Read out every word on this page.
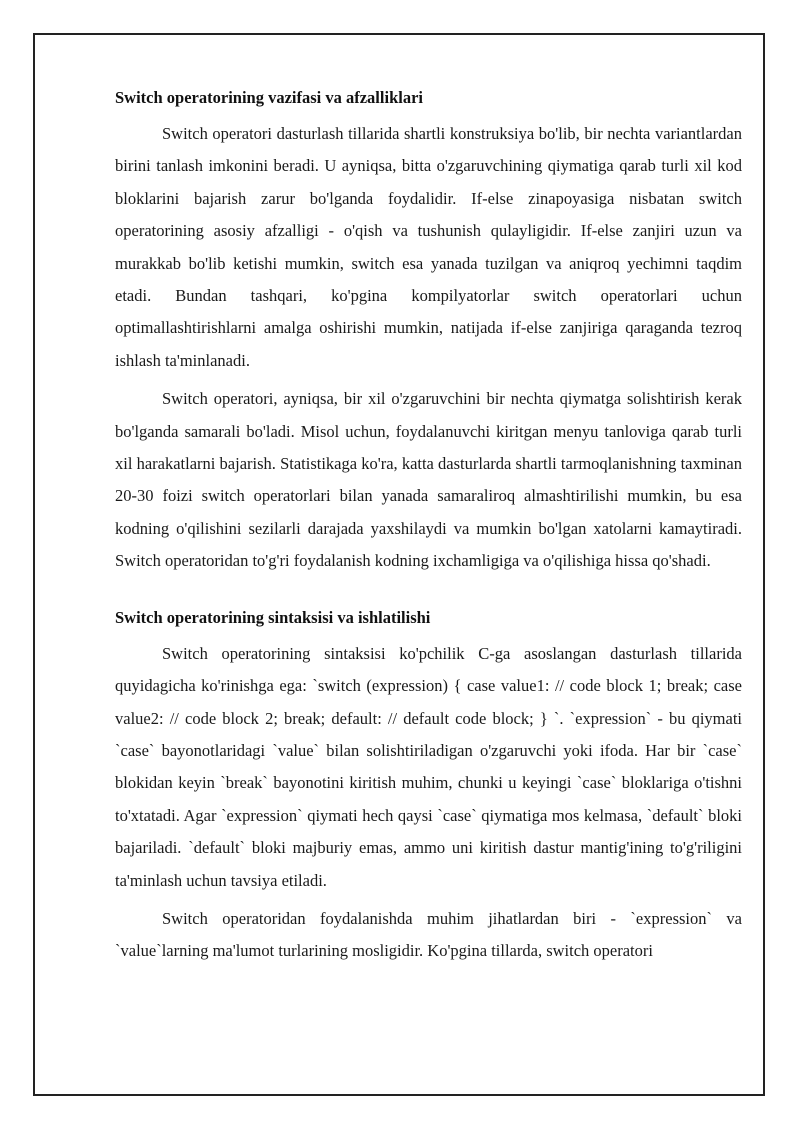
Switch operatorining vazifasi va afzalliklari

Switch operatori dasturlash tillarida shartli konstruksiya bo'lib, bir nechta variantlardan birini tanlash imkonini beradi. U ayniqsa, bitta o'zgaruvchining qiymatiga qarab turli xil kod bloklarini bajarish zarur bo'lganda foydalidir. If-else zinapoyasiga nisbatan switch operatorining asosiy afzalligi - o'qish va tushunish qulayligidir. If-else zanjiri uzun va murakkab bo'lib ketishi mumkin, switch esa yanada tuzilgan va aniqroq yechimni taqdim etadi. Bundan tashqari, ko'pgina kompilyatorlar switch operatorlari uchun optimallashtirishlarni amalga oshirishi mumkin, natijada if-else zanjiriga qaraganda tezroq ishlash ta'minlanadi.

Switch operatori, ayniqsa, bir xil o'zgaruvchini bir nechta qiymatga solishtirish kerak bo'lganda samarali bo'ladi. Misol uchun, foydalanuvchi kiritgan menyu tanloviga qarab turli xil harakatlarni bajarish. Statistikaga ko'ra, katta dasturlarda shartli tarmoqlanishning taxminan 20-30 foizi switch operatorlari bilan yanada samaraliroq almashtirilishi mumkin, bu esa kodning o'qilishini sezilarli darajada yaxshilaydi va mumkin bo'lgan xatolarni kamaytiradi. Switch operatoridan to'g'ri foydalanish kodning ixchamligiga va o'qilishiga hissa qo'shadi.

Switch operatorining sintaksisi va ishlatilishi

Switch operatorining sintaksisi ko'pchilik C-ga asoslangan dasturlash tillarida quyidagicha ko'rinishga ega: `switch (expression) { case value1: // code block 1; break; case value2: // code block 2; break; default: // default code block; } `. `expression` - bu qiymati `case` bayonotlaridagi `value` bilan solishtiriladigan o'zgaruvchi yoki ifoda. Har bir `case` blokidan keyin `break` bayonotini kiritish muhim, chunki u keyingi `case` bloklariga o'tishni to'xtatadi. Agar `expression` qiymati hech qaysi `case` qiymatiga mos kelmasa, `default` bloki bajariladi. `default` bloki majburiy emas, ammo uni kiritish dastur mantig'ining to'g'riligini ta'minlash uchun tavsiya etiladi.

Switch operatoridan foydalanishda muhim jihatlardan biri - `expression` va `value`larning ma'lumot turlarining mosligidir. Ko'pgina tillarda, switch operatori
